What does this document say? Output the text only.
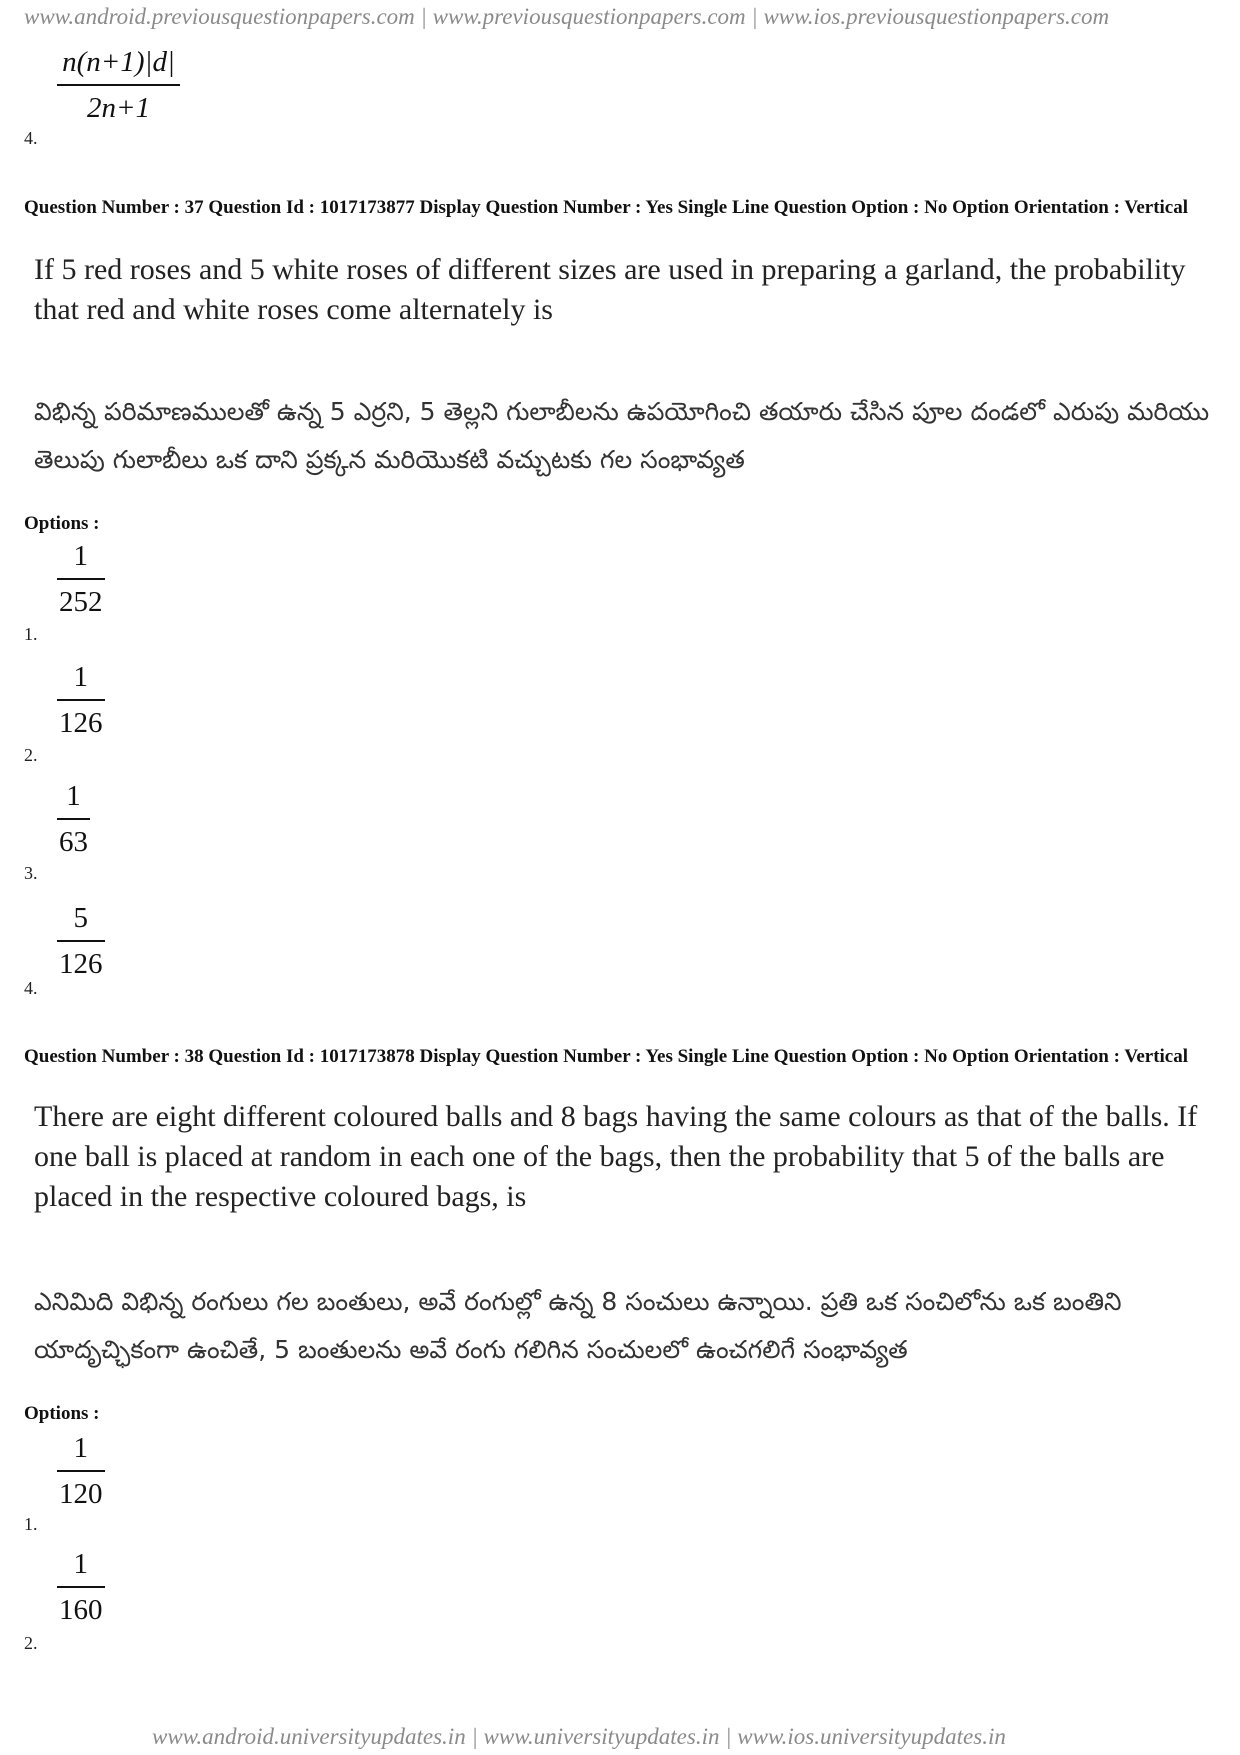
www.android.previousquestionpapers.com | www.previousquestionpapers.com | www.ios.previousquestionpapers.com
$\frac{n(n+1)|d|}{2n+1}$
4.
Question Number : 37 Question Id : 1017173877 Display Question Number : Yes Single Line Question Option : No Option Orientation : Vertical
If 5 red roses and 5 white roses of different sizes are used in preparing a garland, the probability that red and white roses come alternately is
విభిన్న పరిమాణములతో ఉన్న 5 ఎర్రని, 5 తెల్లని గులాబీలను ఉపయోగించి తయారు చేసిన పూల దండలో ఎరుపు మరియు తెలుపు గులాబీలు ఒక దాని ప్రక్కన మరియొకటి వచ్చుటకు గల సంభావ్యత
Options :
$\frac{1}{252}$
1.
$\frac{1}{126}$
2.
$\frac{1}{63}$
3.
$\frac{5}{126}$
4.
Question Number : 38 Question Id : 1017173878 Display Question Number : Yes Single Line Question Option : No Option Orientation : Vertical
There are eight different coloured balls and 8 bags having the same colours as that of the balls. If one ball is placed at random in each one of the bags, then the probability that 5 of the balls are placed in the respective coloured bags, is
ఎనిమిది విభిన్న రంగులు గల బంతులు, అవే రంగుల్లో ఉన్న 8 సంచులు ఉన్నాయి. ప్రతి ఒక సంచిలోను ఒక బంతిని యాదృచ్ఛికంగా ఉంచితే, 5 బంతులను అవే రంగు గలిగిన సంచులలో ఉంచగలిగే సంభావ్యత
Options :
$\frac{1}{120}$
1.
$\frac{1}{160}$
2.
www.android.universityupdates.in | www.universityupdates.in | www.ios.universityupdates.in
